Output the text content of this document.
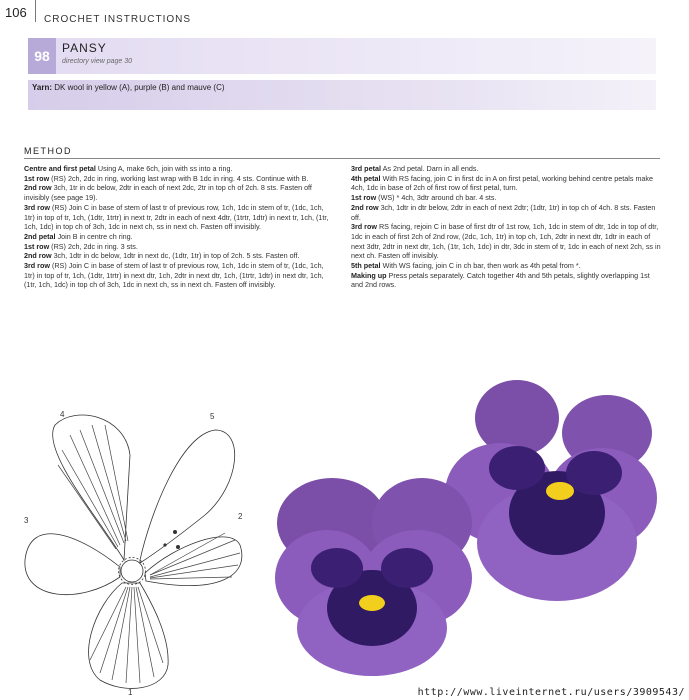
106 CROCHET INSTRUCTIONS
98	PANSY
directory view page 30
Yarn: DK wool in yellow (A), purple (B) and mauve (C)
METHOD

Centre and first petal Using A, make 6ch, join with ss into a ring.

1st row (RS) 2ch, 2dc in ring, working last wrap with B 1dc in ring. 4 sts. Continue with B.

2nd row 3ch, 1tr in dc below, 2dtr in each of next 2dc, 2tr in top ch of 2ch. 8 sts. Fasten off invisibly (see page 19).

3rd row (RS) Join C in base of stem of last tr of previous row, 1ch, 1dc in stem of tr, (1dc, 1ch, 1tr) in top of tr, 1ch, (1dtr, 1trtr) in next tr, 2dtr in each of next 4dtr, (1trtr, 1dtr) in next tr, 1ch, (1tr, 1ch, 1dc) in top ch of 3ch, 1dc in next ch, ss in next ch. Fasten off invisibly.

2nd petal Join B in centre ch ring.

1st row (RS) 2ch, 2dc in ring. 3 sts.

2nd row 3ch, 1dtr in dc below, 1dtr in next dc, (1dtr, 1tr) in top of 2ch. 5 sts. Fasten off.

3rd row (RS) Join C in base of stem of last tr of previous row, 1ch, 1dc in stem of tr, (1dc, 1ch, 1tr) in top of tr, 1ch, (1dtr, 1trtr) in next dtr, 1ch, 2dtr in next dtr, 1ch, (1trtr, 1dtr) in next dtr, 1ch, (1tr, 1ch, 1dc) in top ch of 3ch, 1dc in next ch, ss in next ch. Fasten off invisibly.

3rd petal As 2nd petal. Darn in all ends.

4th petal With RS facing, join C in first dc in A on first petal, working behind centre petals make 4ch, 1dc in base of 2ch of first row of first petal, turn.

1st row (WS) * 4ch, 3dtr around ch bar. 4 sts.

2nd row 3ch, 1dtr in dtr below, 2dtr in each of next 2dtr; (1dtr, 1tr) in top ch of 4ch. 8 sts. Fasten off.

3rd row RS facing, rejoin C in base of first dtr of 1st row, 1ch, 1dc in stem of dtr, 1dc in top of dtr, 1dc in each of first 2ch of 2nd row, (2dc, 1ch, 1tr) in top ch, 1ch, 2dtr in next dtr, 1dtr in each of next 3dtr, 2dtr in next dtr, 1ch, (1tr, 1ch, 1dc) in dtr, 3dc in stem of tr, 1dc in each of next 2ch, ss in next ch. Fasten off invisibly.

5th petal With WS facing, join C in ch bar, then work as 4th petal from *.

Making up Press petals separately. Catch together 4th and 5th petals, slightly overlapping 1st and 2nd rows.

1
2
3
4	5
http://www.liveinternet.ru/users/3909543/
